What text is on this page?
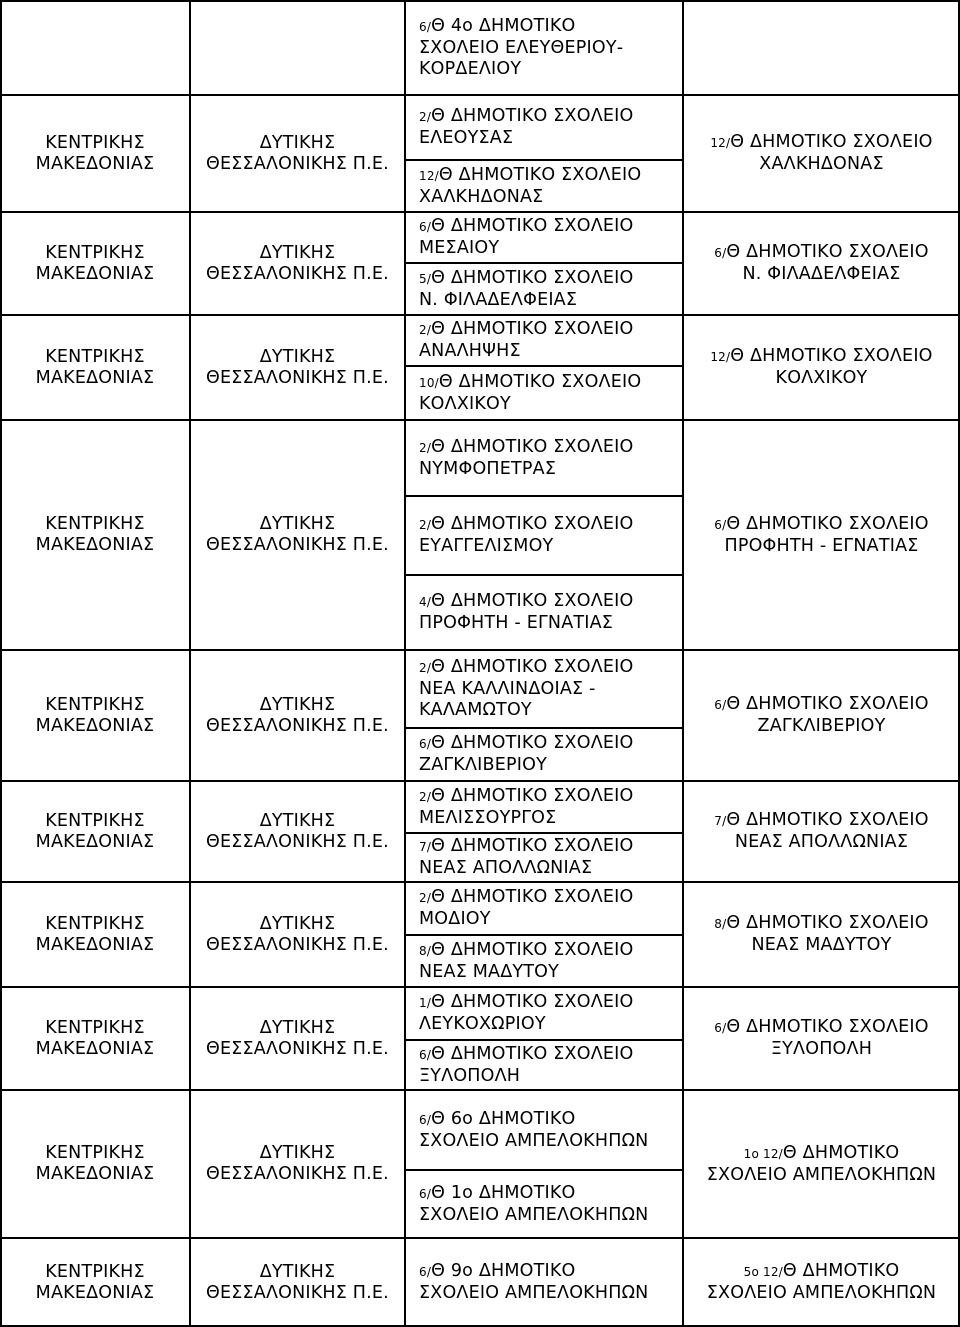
6/Θ 4ο ΔΗΜΟΤΙΚΟ
ΣΧΟΛΕΙΟ ΕΛΕΥΘΕΡΙΟΥ-
ΚΟΡΔΕΛΙΟΥ
ΚΕΝΤΡΙΚΗΣ
ΜΑΚΕΔΟΝΙΑΣ
ΔΥΤΙΚΗΣ
ΘΕΣΣΑΛΟΝΙΚΗΣ Π.Ε.
2/Θ ΔΗΜΟΤΙΚΟ ΣΧΟΛΕΙΟ
ΕΛΕΟΥΣΑΣ
12/Θ ΔΗΜΟΤΙΚΟ ΣΧΟΛΕΙΟ
ΧΑΛΚΗΔΟΝΑΣ
12/Θ ΔΗΜΟΤΙΚΟ ΣΧΟΛΕΙΟ
ΧΑΛΚΗΔΟΝΑΣ
ΚΕΝΤΡΙΚΗΣ
ΜΑΚΕΔΟΝΙΑΣ
ΔΥΤΙΚΗΣ
ΘΕΣΣΑΛΟΝΙΚΗΣ Π.Ε.
6/Θ ΔΗΜΟΤΙΚΟ ΣΧΟΛΕΙΟ
ΜΕΣΑΙΟΥ
5/Θ ΔΗΜΟΤΙΚΟ ΣΧΟΛΕΙΟ
Ν. ΦΙΛΑΔΕΛΦΕΙΑΣ
6/Θ ΔΗΜΟΤΙΚΟ ΣΧΟΛΕΙΟ
Ν. ΦΙΛΑΔΕΛΦΕΙΑΣ
ΚΕΝΤΡΙΚΗΣ
ΜΑΚΕΔΟΝΙΑΣ
ΔΥΤΙΚΗΣ
ΘΕΣΣΑΛΟΝΙΚΗΣ Π.Ε.
2/Θ ΔΗΜΟΤΙΚΟ ΣΧΟΛΕΙΟ
ΑΝΑΛΗΨΗΣ
10/Θ ΔΗΜΟΤΙΚΟ ΣΧΟΛΕΙΟ
ΚΟΛΧΙΚΟΥ
12/Θ ΔΗΜΟΤΙΚΟ ΣΧΟΛΕΙΟ
ΚΟΛΧΙΚΟΥ
ΚΕΝΤΡΙΚΗΣ
ΜΑΚΕΔΟΝΙΑΣ
ΔΥΤΙΚΗΣ
ΘΕΣΣΑΛΟΝΙΚΗΣ Π.Ε.
2/Θ ΔΗΜΟΤΙΚΟ ΣΧΟΛΕΙΟ
ΝΥΜΦΟΠΕΤΡΑΣ
2/Θ ΔΗΜΟΤΙΚΟ ΣΧΟΛΕΙΟ
ΕΥΑΓΓΕΛΙΣΜΟΥ
4/Θ ΔΗΜΟΤΙΚΟ ΣΧΟΛΕΙΟ
ΠΡΟΦΗΤΗ - ΕΓΝΑΤΙΑΣ
6/Θ ΔΗΜΟΤΙΚΟ ΣΧΟΛΕΙΟ
ΠΡΟΦΗΤΗ - ΕΓΝΑΤΙΑΣ
ΚΕΝΤΡΙΚΗΣ
ΜΑΚΕΔΟΝΙΑΣ
ΔΥΤΙΚΗΣ
ΘΕΣΣΑΛΟΝΙΚΗΣ Π.Ε.
2/Θ ΔΗΜΟΤΙΚΟ ΣΧΟΛΕΙΟ
ΝΕΑ ΚΑΛΛΙΝΔΟΙΑΣ -
ΚΑΛΑΜΩΤΟΥ
6/Θ ΔΗΜΟΤΙΚΟ ΣΧΟΛΕΙΟ
ΖΑΓΚΛΙΒΕΡΙΟΥ
6/Θ ΔΗΜΟΤΙΚΟ ΣΧΟΛΕΙΟ
ΖΑΓΚΛΙΒΕΡΙΟΥ
ΚΕΝΤΡΙΚΗΣ
ΜΑΚΕΔΟΝΙΑΣ
ΔΥΤΙΚΗΣ
ΘΕΣΣΑΛΟΝΙΚΗΣ Π.Ε.
2/Θ ΔΗΜΟΤΙΚΟ ΣΧΟΛΕΙΟ
ΜΕΛΙΣΣΟΥΡΓΟΣ
7/Θ ΔΗΜΟΤΙΚΟ ΣΧΟΛΕΙΟ
ΝΕΑΣ ΑΠΟΛΛΩΝΙΑΣ
7/Θ ΔΗΜΟΤΙΚΟ ΣΧΟΛΕΙΟ
ΝΕΑΣ ΑΠΟΛΛΩΝΙΑΣ
ΚΕΝΤΡΙΚΗΣ
ΜΑΚΕΔΟΝΙΑΣ
ΔΥΤΙΚΗΣ
ΘΕΣΣΑΛΟΝΙΚΗΣ Π.Ε.
2/Θ ΔΗΜΟΤΙΚΟ ΣΧΟΛΕΙΟ
ΜΟΔΙΟΥ
8/Θ ΔΗΜΟΤΙΚΟ ΣΧΟΛΕΙΟ
ΝΕΑΣ ΜΑΔΥΤΟΥ
8/Θ ΔΗΜΟΤΙΚΟ ΣΧΟΛΕΙΟ
ΝΕΑΣ ΜΑΔΥΤΟΥ
ΚΕΝΤΡΙΚΗΣ
ΜΑΚΕΔΟΝΙΑΣ
ΔΥΤΙΚΗΣ
ΘΕΣΣΑΛΟΝΙΚΗΣ Π.Ε.
1/Θ ΔΗΜΟΤΙΚΟ ΣΧΟΛΕΙΟ
ΛΕΥΚΟΧΩΡΙΟΥ
6/Θ ΔΗΜΟΤΙΚΟ ΣΧΟΛΕΙΟ
ΞΥΛΟΠΟΛΗ
6/Θ ΔΗΜΟΤΙΚΟ ΣΧΟΛΕΙΟ
ΞΥΛΟΠΟΛΗ
ΚΕΝΤΡΙΚΗΣ
ΜΑΚΕΔΟΝΙΑΣ
ΔΥΤΙΚΗΣ
ΘΕΣΣΑΛΟΝΙΚΗΣ Π.Ε.
6/Θ 6ο ΔΗΜΟΤΙΚΟ
ΣΧΟΛΕΙΟ ΑΜΠΕΛΟΚΗΠΩΝ
6/Θ 1ο ΔΗΜΟΤΙΚΟ
ΣΧΟΛΕΙΟ ΑΜΠΕΛΟΚΗΠΩΝ
1ο 12/Θ ΔΗΜΟΤΙΚΟ
ΣΧΟΛΕΙΟ ΑΜΠΕΛΟΚΗΠΩΝ
ΚΕΝΤΡΙΚΗΣ
ΜΑΚΕΔΟΝΙΑΣ
ΔΥΤΙΚΗΣ
ΘΕΣΣΑΛΟΝΙΚΗΣ Π.Ε.
6/Θ 9ο ΔΗΜΟΤΙΚΟ
ΣΧΟΛΕΙΟ ΑΜΠΕΛΟΚΗΠΩΝ
5ο 12/Θ ΔΗΜΟΤΙΚΟ
ΣΧΟΛΕΙΟ ΑΜΠΕΛΟΚΗΠΩΝ
